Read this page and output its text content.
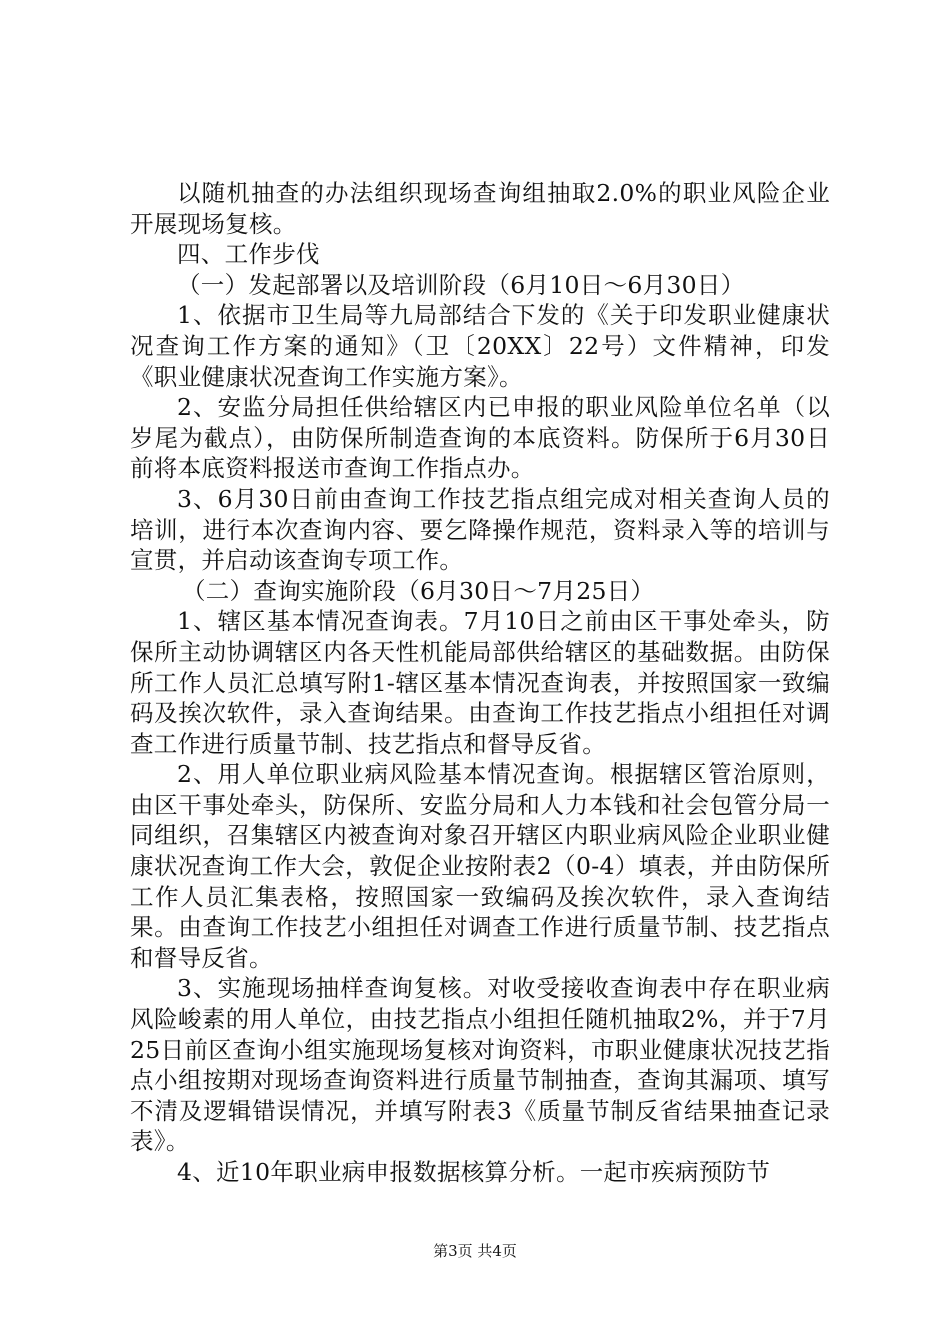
以随机抽查的办法组织现场查询组抽取2.0%的职业风险企业开展现场复核。

四、工作步伐

（一）发起部署以及培训阶段（6月10日～6月30日）

1、依据市卫生局等九局部结合下发的《关于印发职业健康状况查询工作方案的通知》（卫〔20XX〕22号）文件精神，印发《职业健康状况查询工作实施方案》。

2、安监分局担任供给辖区内已申报的职业风险单位名单（以岁尾为截点），由防保所制造查询的本底资料。防保所于6月30日前将本底资料报送市查询工作指点办。

3、6月30日前由查询工作技艺指点组完成对相关查询人员的培训，进行本次查询内容、要乞降操作规范，资料录入等的培训与宣贯，并启动该查询专项工作。

（二）查询实施阶段（6月30日～7月25日）

1、辖区基本情况查询表。7月10日之前由区干事处牵头，防保所主动协调辖区内各天性机能局部供给辖区的基础数据。由防保所工作人员汇总填写附1-辖区基本情况查询表，并按照国家一致编码及挨次软件，录入查询结果。由查询工作技艺指点小组担任对调查工作进行质量节制、技艺指点和督导反省。

2、用人单位职业病风险基本情况查询。根据辖区管治原则，由区干事处牵头，防保所、安监分局和人力本钱和社会包管分局一同组织，召集辖区内被查询对象召开辖区内职业病风险企业职业健康状况查询工作大会，敦促企业按附表2（0-4）填表，并由防保所工作人员汇集表格，按照国家一致编码及挨次软件，录入查询结果。由查询工作技艺小组担任对调查工作进行质量节制、技艺指点和督导反省。

3、实施现场抽样查询复核。对收受接收查询表中存在职业病风险峻素的用人单位，由技艺指点小组担任随机抽取2%，并于7月25日前区查询小组实施现场复核对询资料，市职业健康状况技艺指点小组按期对现场查询资料进行质量节制抽查，查询其漏项、填写不清及逻辑错误情况，并填写附表3《质量节制反省结果抽查记录表》。

4、近10年职业病申报数据核算分析。一起市疾病预防节

第3页 共4页
